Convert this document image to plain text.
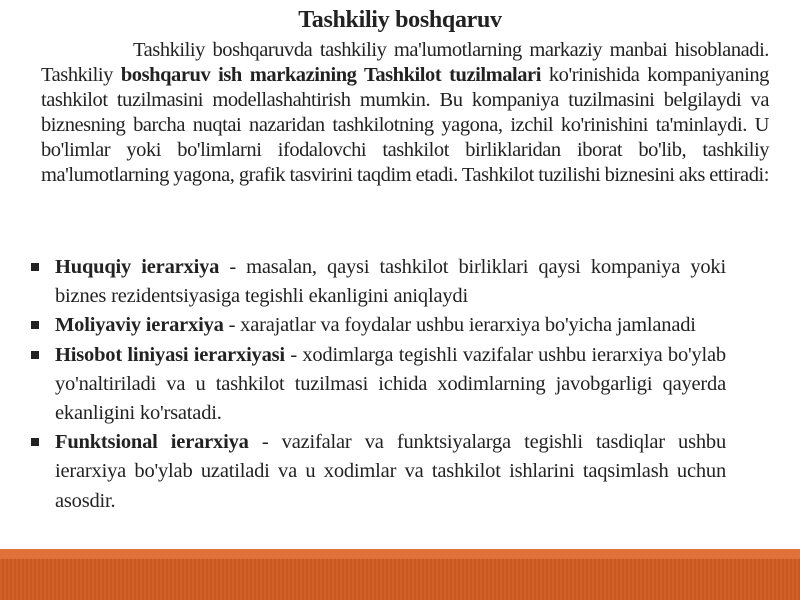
Tashkiliy boshqaruv

Tashkiliy boshqaruvda tashkiliy ma'lumotlarning markaziy manbai hisoblanadi. Tashkiliy boshqaruv ish markazining Tashkilot tuzilmalari ko'rinishida kompaniyaning tashkilot tuzilmasini modellashahtirish mumkin. Bu kompaniya tuzilmasini belgilaydi va biznesning barcha nuqtai nazaridan tashkilotning yagona, izchil ko'rinishini ta'minlaydi. U bo'limlar yoki bo'limlarni ifodalovchi tashkilot birliklaridan iborat bo'lib, tashkiliy ma'lumotlarning yagona, grafik tasvirini taqdim etadi. Tashkilot tuzilishi biznesini aks ettiradi:

Huquqiy ierarxiya - masalan, qaysi tashkilot birliklari qaysi kompaniya yoki biznes rezidentsiyasiga tegishli ekanligini aniqlaydi
Moliyaviy ierarxiya - xarajatlar va foydalar ushbu ierarxiya bo'yicha jamlanadi
Hisobot liniyasi ierarxiyasi - xodimlarga tegishli vazifalar ushbu ierarxiya bo'ylab yo'naltiriladi va u tashkilot tuzilmasi ichida xodimlarning javobgarligi qayerda ekanligini ko'rsatadi.
Funktsional ierarxiya - vazifalar va funktsiyalarga tegishli tasdiqlar ushbu ierarxiya bo'ylab uzatiladi va u xodimlar va tashkilot ishlarini taqsimlash uchun asosdir.
